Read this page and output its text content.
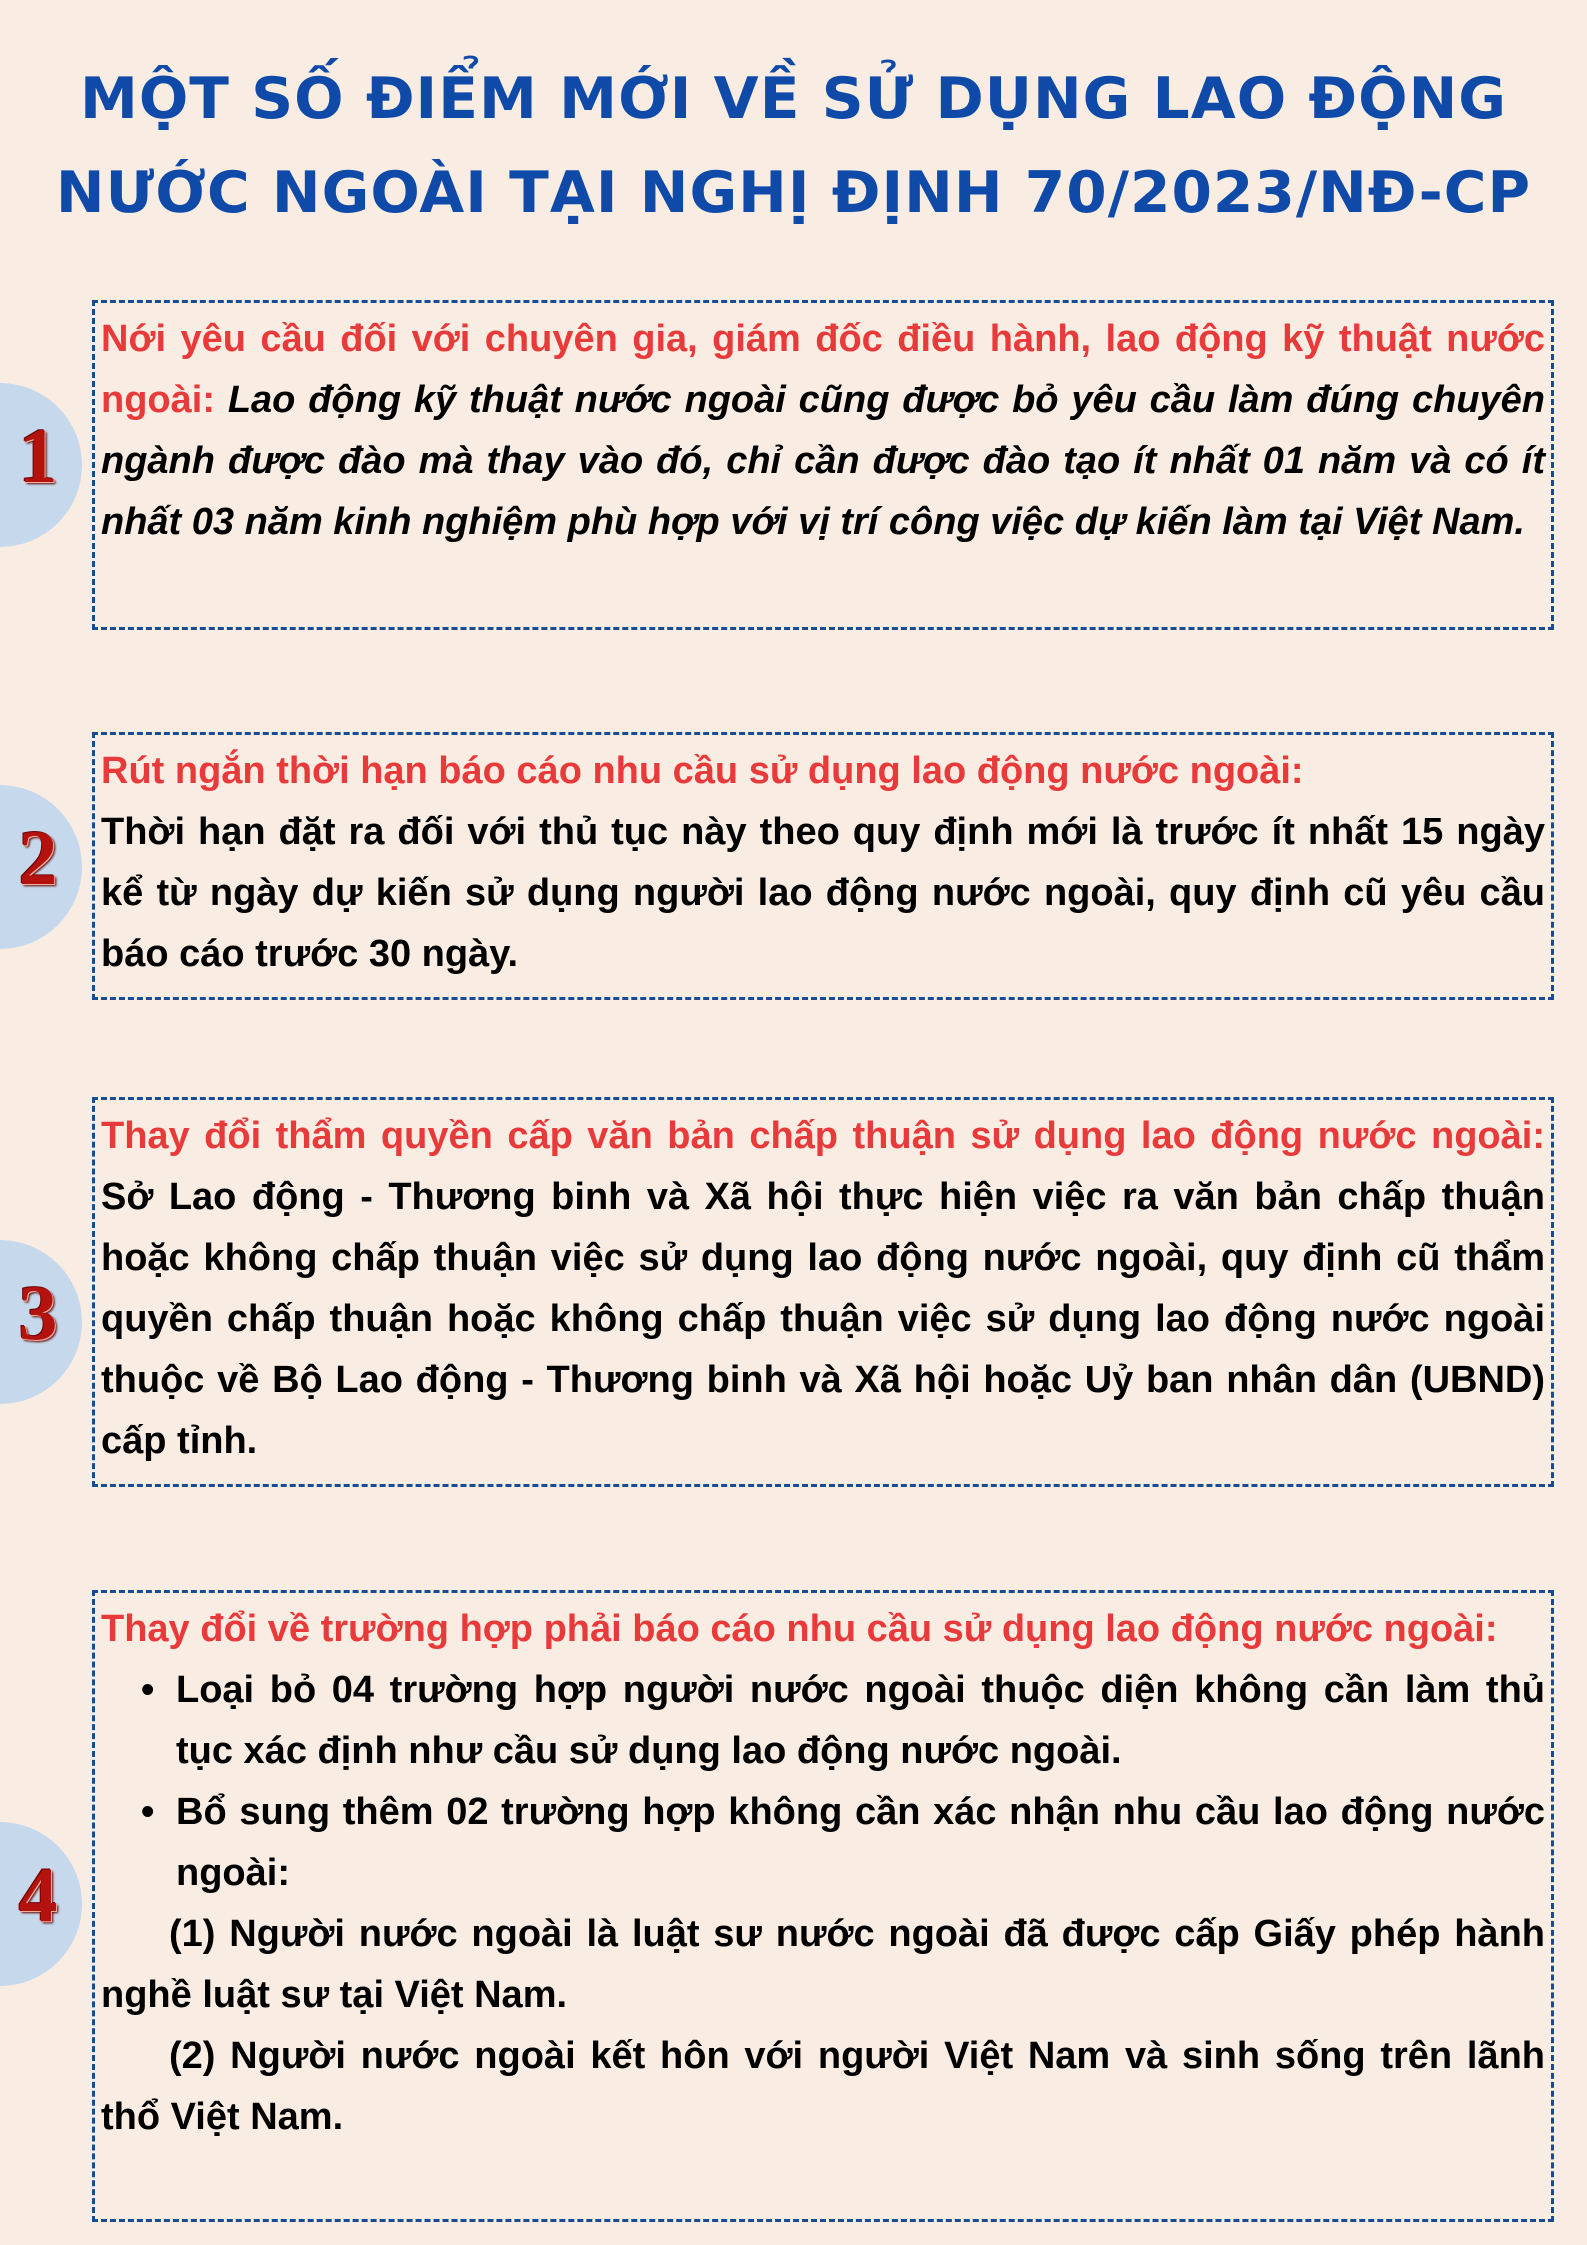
MỘT SỐ ĐIỂM MỚI VỀ SỬ DỤNG LAO ĐỘNG
NƯỚC NGOÀI TẠI NGHỊ ĐỊNH 70/2023/NĐ-CP
1
Nới yêu cầu đối với chuyên gia, giám đốc điều hành, lao động kỹ thuật nước ngoài: Lao động kỹ thuật nước ngoài cũng được bỏ yêu cầu làm đúng chuyên ngành được đào mà thay vào đó, chỉ cần được đào tạo ít nhất 01 năm và có ít nhất 03 năm kinh nghiệm phù hợp với vị trí công việc dự kiến làm tại Việt Nam.
2
Rút ngắn thời hạn báo cáo nhu cầu sử dụng lao động nước ngoài:
Thời hạn đặt ra đối với thủ tục này theo quy định mới là trước ít nhất 15 ngày kể từ ngày dự kiến sử dụng người lao động nước ngoài, quy định cũ yêu cầu báo cáo trước 30 ngày.
3
Thay đổi thẩm quyền cấp văn bản chấp thuận sử dụng lao động nước ngoài: Sở Lao động - Thương binh và Xã hội thực hiện việc ra văn bản chấp thuận hoặc không chấp thuận việc sử dụng lao động nước ngoài, quy định cũ thẩm quyền chấp thuận hoặc không chấp thuận việc sử dụng lao động nước ngoài thuộc về Bộ Lao động - Thương binh và Xã hội hoặc Uỷ ban nhân dân (UBND) cấp tỉnh.
4
Thay đổi về trường hợp phải báo cáo nhu cầu sử dụng lao động nước ngoài:
• Loại bỏ 04 trường hợp người nước ngoài thuộc diện không cần làm thủ tục xác định như cầu sử dụng lao động nước ngoài.
• Bổ sung thêm 02 trường hợp không cần xác nhận nhu cầu lao động nước ngoài:
(1) Người nước ngoài là luật sư nước ngoài đã được cấp Giấy phép hành nghề luật sư tại Việt Nam.
(2) Người nước ngoài kết hôn với người Việt Nam và sinh sống trên lãnh thổ Việt Nam.
